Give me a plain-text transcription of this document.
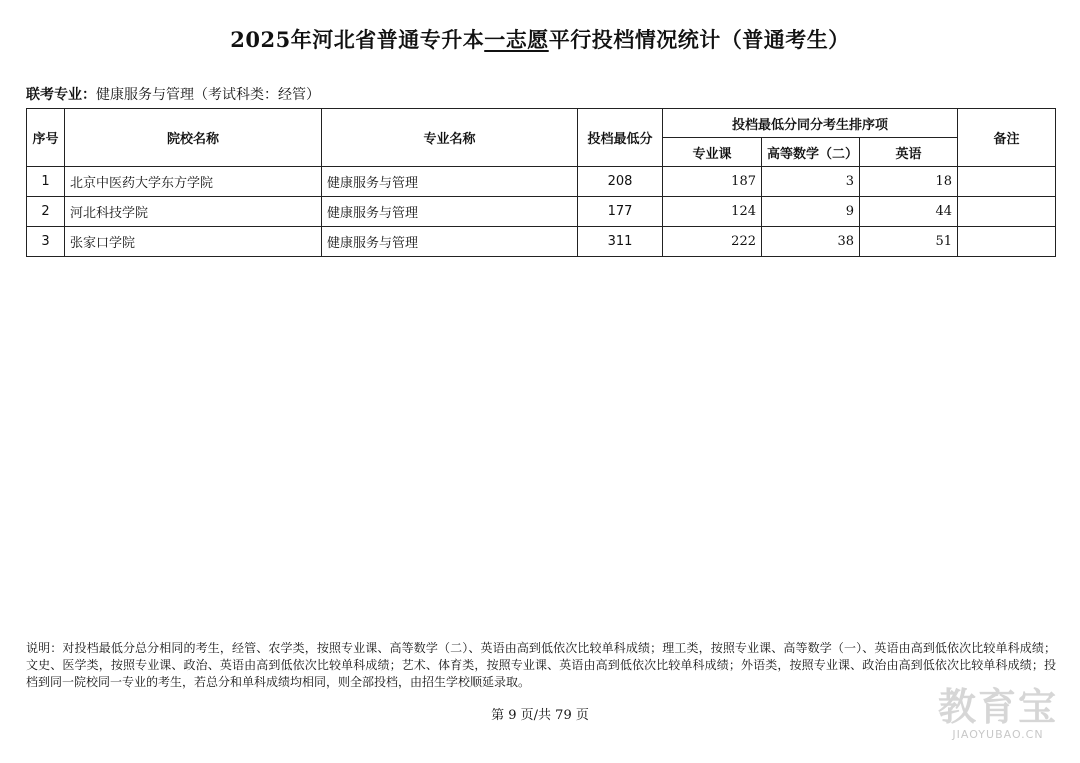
2025年河北省普通专升本一志愿平行投档情况统计（普通考生）
联考专业：健康服务与管理（考试科类：经管）
序号	院校名称	专业名称	投档最低分	投档最低分同分考生排序项			备注
				专业课	高等数学（二）	英语	
1	北京中医药大学东方学院	健康服务与管理	208	187	3	18	
2	河北科技学院	健康服务与管理	177	124	9	44	
3	张家口学院	健康服务与管理	311	222	38	51	
说明：对投档最低分总分相同的考生，经管、农学类，按照专业课、高等数学（二）、英语由高到低依次比较单科成绩；理工类，按照专业课、高等数学（一）、英语由高到低依次比较单科成绩；文史、医学类，按照专业课、政治、英语由高到低依次比较单科成绩；艺术、体育类，按照专业课、英语由高到低依次比较单科成绩；外语类，按照专业课、政治由高到低依次比较单科成绩；投档到同一院校同一专业的考生，若总分和单科成绩均相同，则全部投档，由招生学校顺延录取。
第 9 页/共 79 页	教育宝
JIAOYUBAO.CN
